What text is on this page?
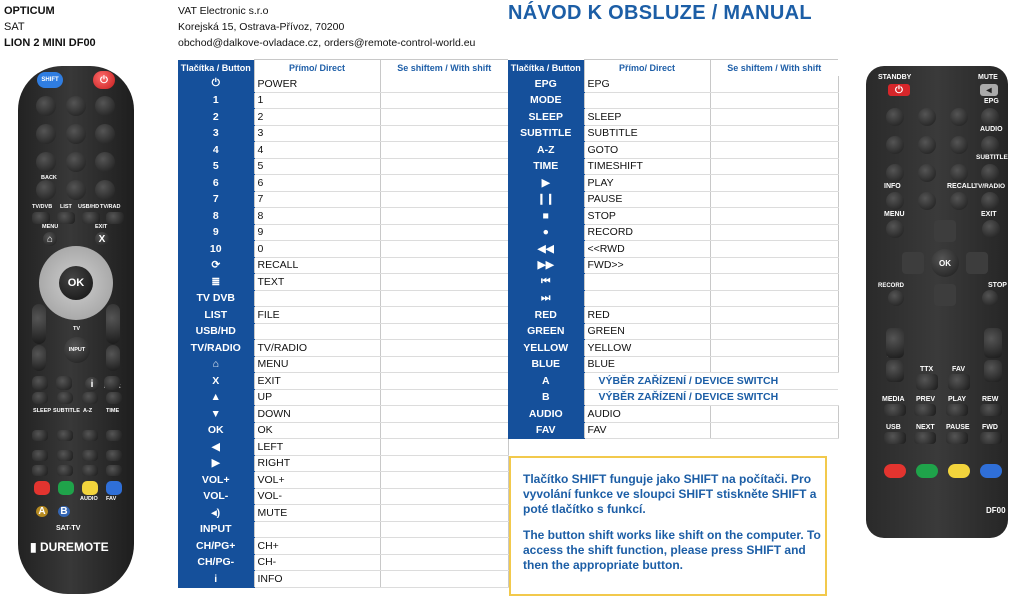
OPTICUM
SAT
LION 2 MINI DF00
VAT Electronic s.r.o
Korejská 15, Ostrava-Přívoz, 70200
obchod@dalkove-ovladace.cz, orders@remote-control-world.eu
NÁVOD K OBSLUZE / MANUAL
Tlačítka / Button	Přímo/ Direct	Se shiftem / With shift
⏻	POWER	
1	1	
2	2	
3	3	
4	4	
5	5	
6	6	
7	7	
8	8	
9	9	
10	0	
⟳	RECALL	
≣	TEXT	
TV DVB		
LIST	FILE	
USB/HD		
TV/RADIO	TV/RADIO	
⌂	MENU	
X	EXIT	
▲	UP	
▼	DOWN	
OK	OK	
◀	LEFT	
▶	RIGHT	
VOL+	VOL+	
VOL-	VOL-	
◂)	MUTE	
INPUT		
CH/PG+	CH+	
CH/PG-	CH-	
i	INFO	
Tlačítka / Button	Přímo/ Direct	Se shiftem / With shift
EPG	EPG	
MODE		
SLEEP	SLEEP	
SUBTITLE	SUBTITLE	
A-Z	GOTO	
TIME	TIMESHIFT	
▶	PLAY	
❙❙	PAUSE	
■	STOP	
●	RECORD	
◀◀	<<RWD	
▶▶	FWD>>	
⏮		
⏭		
RED	RED	
GREEN	GREEN	
YELLOW	YELLOW	
BLUE	BLUE	
A	VÝBĚR ZAŘÍZENÍ / DEVICE SWITCH	
B	VÝBĚR ZAŘÍZENÍ / DEVICE SWITCH	
AUDIO	AUDIO	
FAV	FAV	

Tlačítko SHIFT funguje jako SHIFT na počítači. Pro vyvolání funkce ve sloupci SHIFT stiskněte SHIFT a poté tlačítko s funkcí.

The button shift works like shift on the computer. To access the shift function, please press SHIFT and then the appropriate button.

SHIFT	⏻
BACK
TV/DVB LIST USB/HD TV/RAD
MENU	EXIT
⌂	X
OK
TV
INPUT
i
SLEEP SUBTITLE A-Z	TIME
AUDIO FAV
A B
SAT-TV
▮ DUREMOTE
STANDBY	MUTE
⏻	◂
EPG
AUDIO
SUBTITLE
INFO	RECALL
TV/RADIO
MENU	EXIT
OK
RECORD	STOP
TTX	FAV
MEDIA PREV PLAY REW
USB NEXT PAUSE FWD
DF00
